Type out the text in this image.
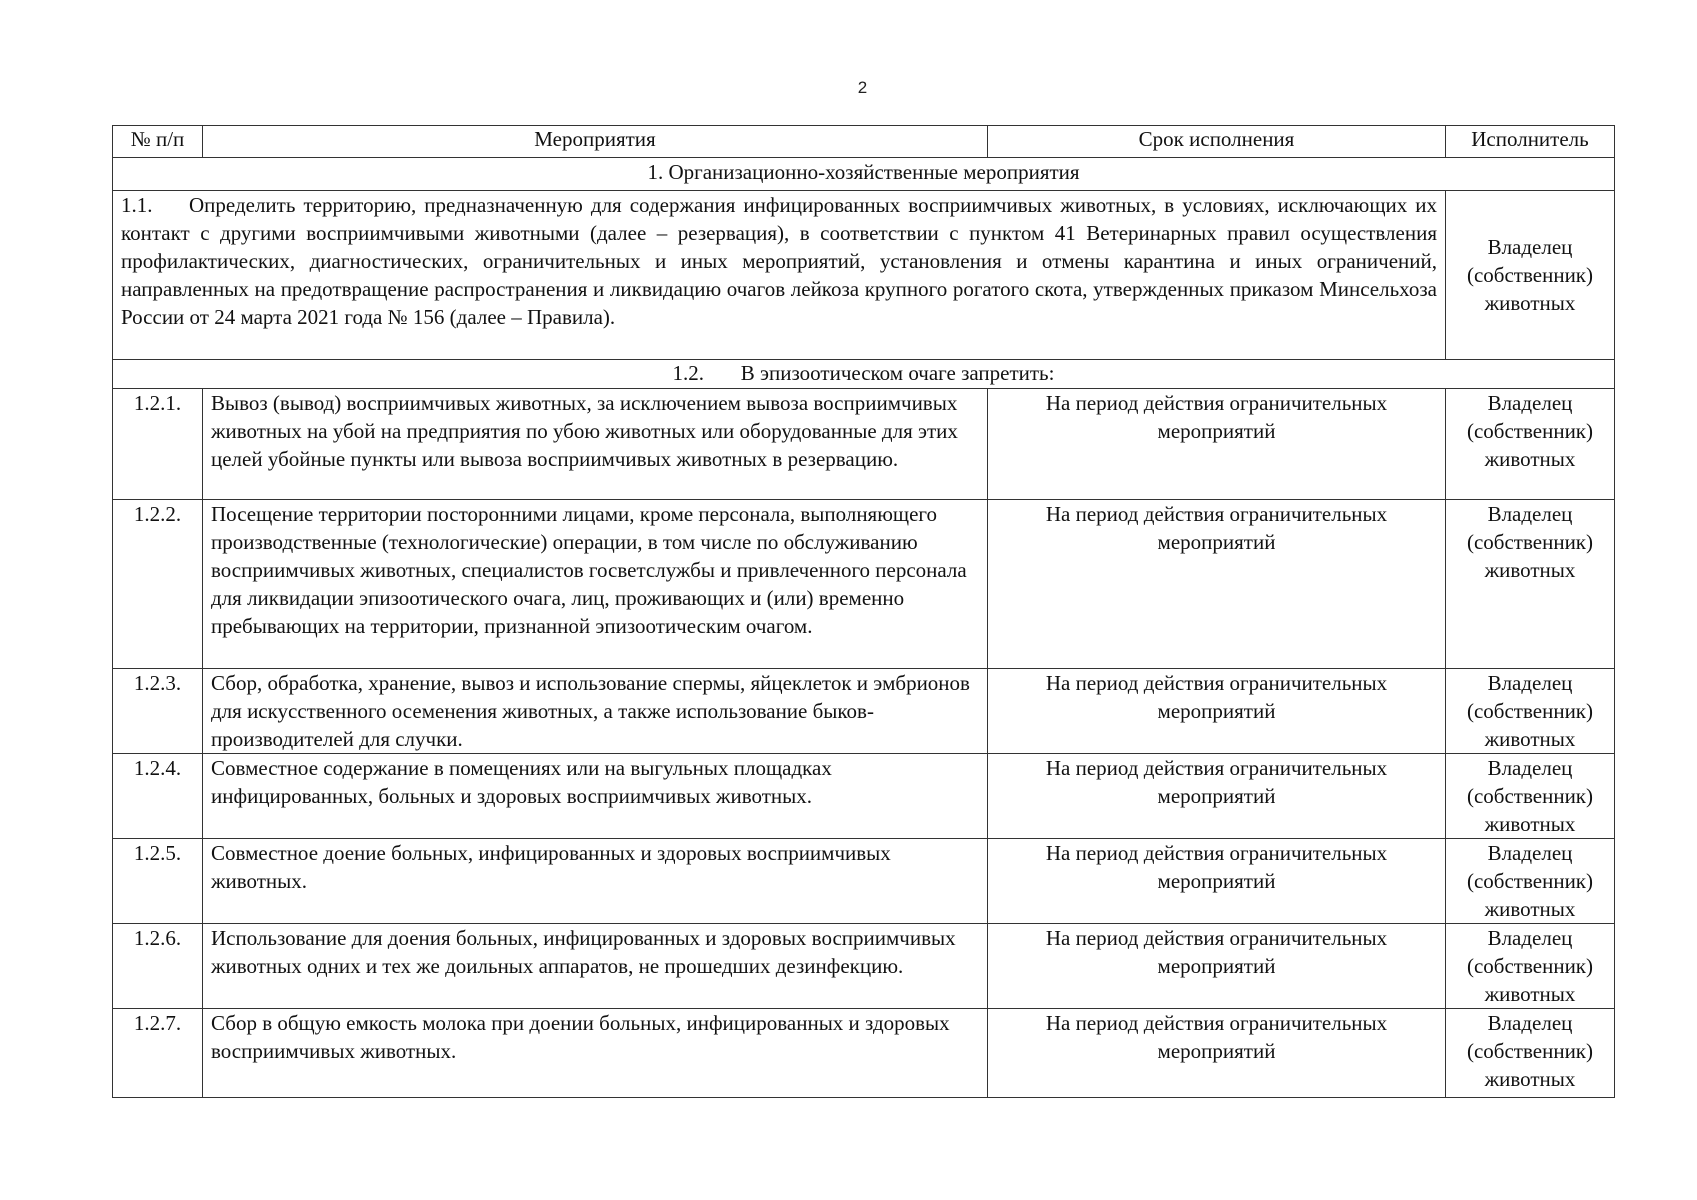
2
№ п/п	Мероприятия	Срок исполнения	Исполнитель
1. Организационно-хозяйственные мероприятия			
1.1. Определить территорию, предназначенную для содержания инфицированных восприимчивых животных, в условиях, исключающих их контакт с другими восприимчивыми животными (далее – резервация), в соответствии с пунктом 41 Ветеринарных правил осуществления профилактических, диагностических, ограничительных и иных мероприятий, установления и отмены карантина и иных ограничений, направленных на предотвращение распространения и ликвидацию очагов лейкоза крупного рогатого скота, утвержденных приказом Минсельхоза России от 24 марта 2021 года № 156 (далее – Правила).			Владелец (собственник) животных
1.2. В эпизоотическом очаге запретить:			
1.2.1.	Вывоз (вывод) восприимчивых животных, за исключением вывоза восприимчивых животных на убой на предприятия по убою животных или оборудованные для этих целей убойные пункты или вывоза восприимчивых животных в резервацию.	На период действия ограничительных мероприятий	Владелец (собственник) животных
1.2.2.	Посещение территории посторонними лицами, кроме персонала, выполняющего производственные (технологические) операции, в том числе по обслуживанию восприимчивых животных, специалистов госветслужбы и привлеченного персонала для ликвидации эпизоотического очага, лиц, проживающих и (или) временно пребывающих на территории, признанной эпизоотическим очагом.	На период действия ограничительных мероприятий	Владелец (собственник) животных
1.2.3.	Сбор, обработка, хранение, вывоз и использование спермы, яйцеклеток и эмбрионов для искусственного осеменения животных, а также использование быков-производителей для случки.	На период действия ограничительных мероприятий	Владелец (собственник) животных
1.2.4.	Совместное содержание в помещениях или на выгульных площадках инфицированных, больных и здоровых восприимчивых животных.	На период действия ограничительных мероприятий	Владелец (собственник) животных
1.2.5.	Совместное доение больных, инфицированных и здоровых восприимчивых животных.	На период действия ограничительных мероприятий	Владелец (собственник) животных
1.2.6.	Использование для доения больных, инфицированных и здоровых восприимчивых животных одних и тех же доильных аппаратов, не прошедших дезинфекцию.	На период действия ограничительных мероприятий	Владелец (собственник) животных
1.2.7.	Сбор в общую емкость молока при доении больных, инфицированных и здоровых восприимчивых животных.	На период действия ограничительных мероприятий	Владелец (собственник) животных
